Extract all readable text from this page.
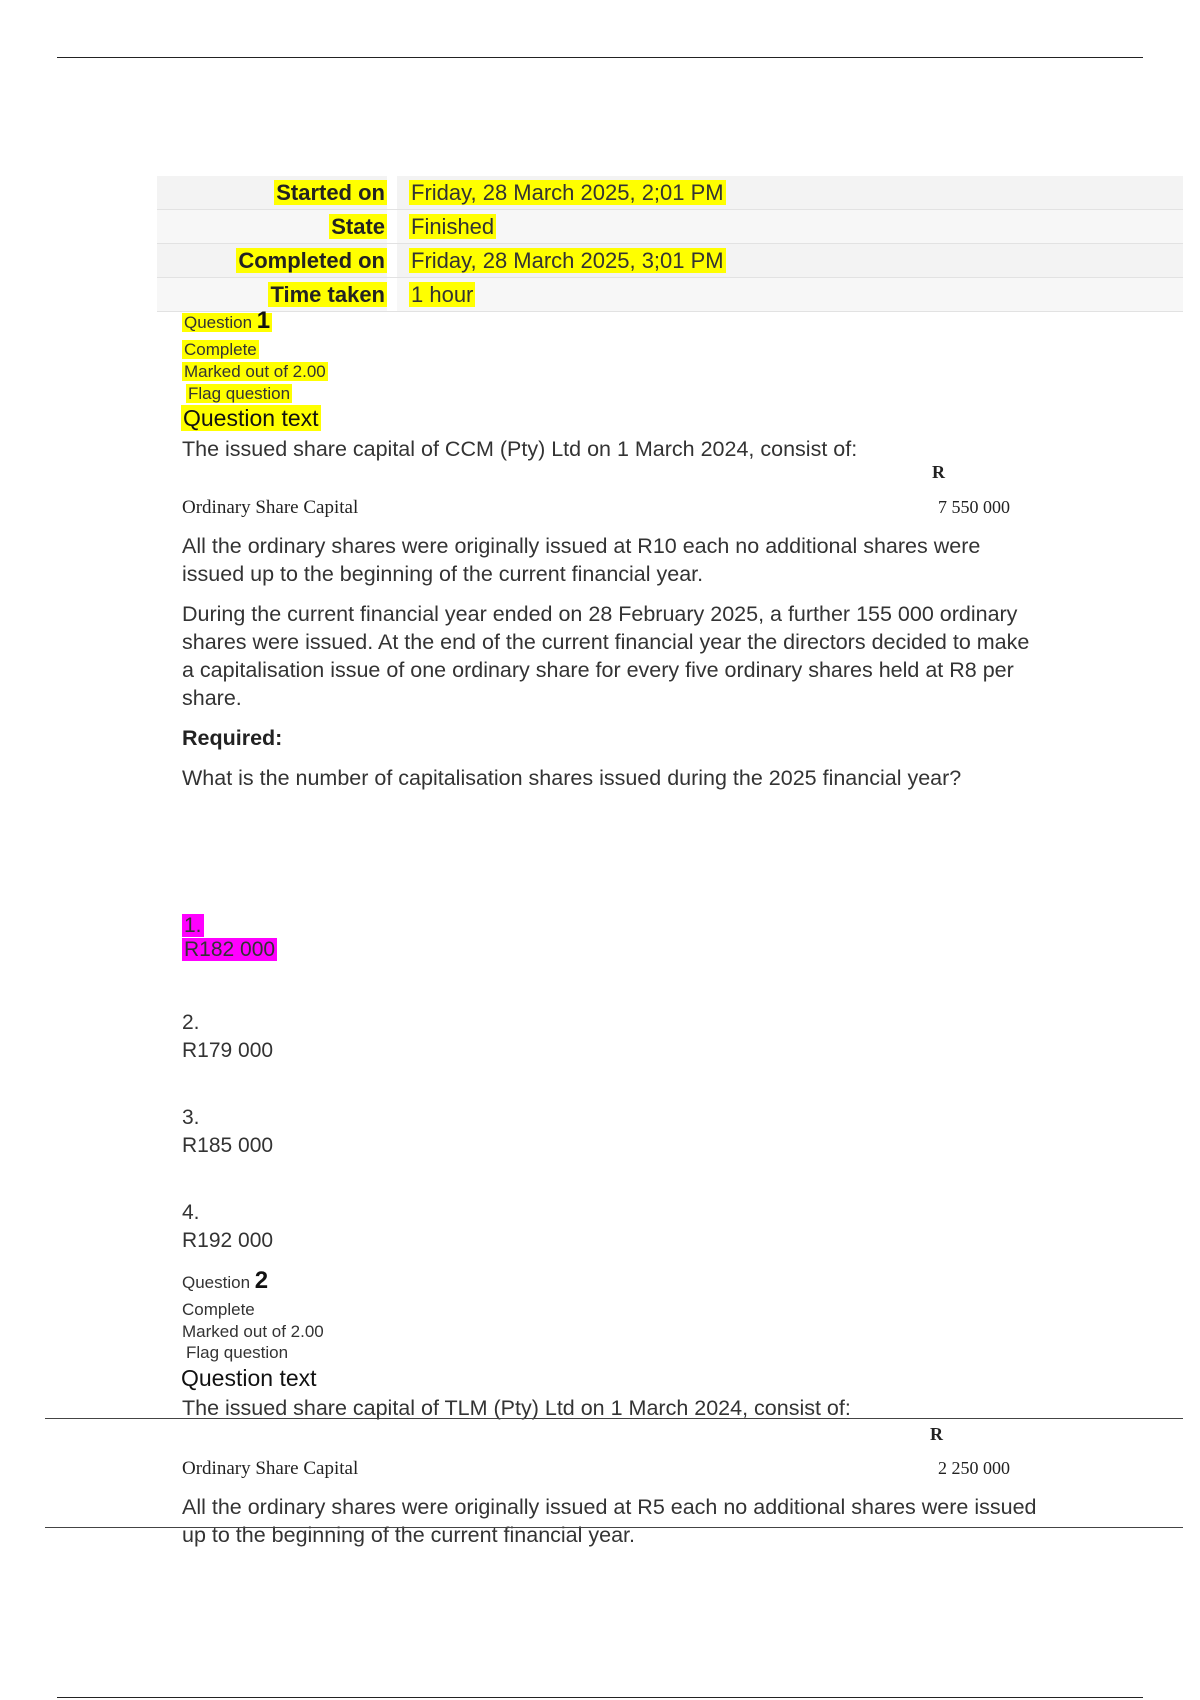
Started on	Friday, 28 March 2025, 2;01 PM
State	Finished
Completed on	Friday, 28 March 2025, 3;01 PM
Time taken	1 hour
Question 1
Complete
Marked out of 2.00
Flag question
Question text
The issued share capital of CCM (Pty) Ltd on 1 March 2024, consist of:
R
Ordinary Share Capital	7 550 000
All the ordinary shares were originally issued at R10 each no additional shares were issued up to the beginning of the current financial year.
During the current financial year ended on 28 February 2025, a further 155 000 ordinary shares were issued. At the end of the current financial year the directors decided to make a capitalisation issue of one ordinary share for every five ordinary shares held at R8 per share.
Required:
What is the number of capitalisation shares issued during the 2025 financial year?
1.
R182 000
2.
R179 000
3.
R185 000
4.
R192 000
Question 2
Complete
Marked out of 2.00
Flag question
Question text
The issued share capital of TLM (Pty) Ltd on 1 March 2024, consist of:
R
Ordinary Share Capital	2 250 000
All the ordinary shares were originally issued at R5 each no additional shares were issued up to the beginning of the current financial year.
